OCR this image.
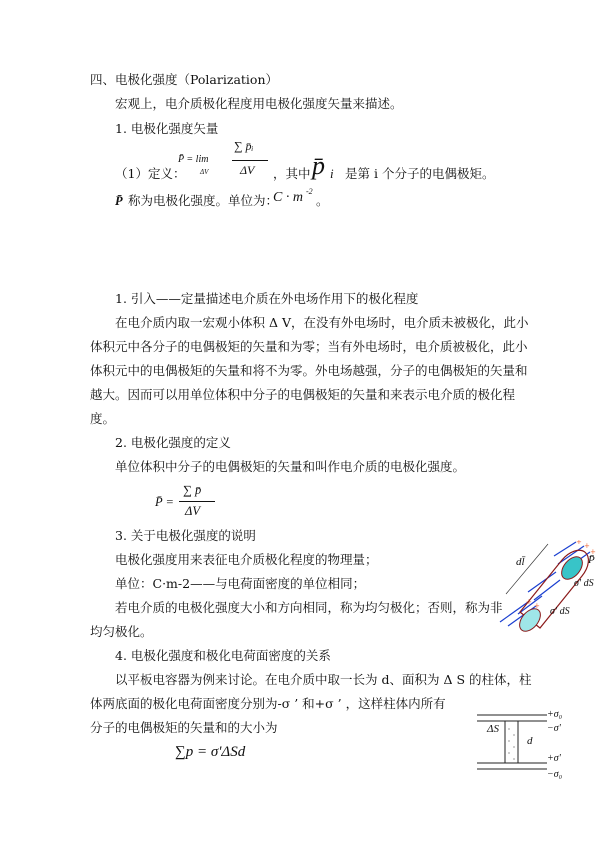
四、电极化强度（Polarization）
宏观上，电介质极化程度用电极化强度矢量来描述。
1. 电极化强度矢量
（1）定义：
P̄ = lim
ΔV
∑ p̄ᵢ
ΔV ，其中 p̄ i 是第 i 个分子的电偶极矩。
P̄ 称为电极化强度。单位为：
C · m -2
。
1. 引入——定量描述电介质在外电场作用下的极化程度
在电介质内取一宏观小体积 Δ V，在没有外电场时，电介质未被极化，此小
体积元中各分子的电偶极矩的矢量和为零；当有外电场时，电介质被极化，此小
体积元中的电偶极矩的矢量和将不为零。外电场越强，分子的电偶极矩的矢量和
越大。因而可以用单位体积中分子的电偶极矩的矢量和来表示电介质的极化程
度。
2. 电极化强度的定义
单位体积中分子的电偶极矩的矢量和叫作电介质的电极化强度。
P̄ =
∑ p̄
ΔV
3. 关于电极化强度的说明
电极化强度用来表征电介质极化程度的物理量；
单位：C·m-2——与电荷面密度的单位相同；
若电介质的电极化强度大小和方向相同，称为均匀极化；否则，称为非
均匀极化。
+ +
+
+
+
dl̄	P̄
σ' dS
σ' dS
4. 电极化强度和极化电荷面密度的关系
以平板电容器为例来讨论。在电介质中取一长为 d、面积为 Δ S 的柱体，柱
体两底面的极化电荷面密度分别为-σ ’ 和+σ ’ ，这样柱体内所有
分子的电偶极矩的矢量和的大小为
∑p = σ'ΔSd
ΔS
d
+σ₀
−σ'
+σ'
−σ₀
